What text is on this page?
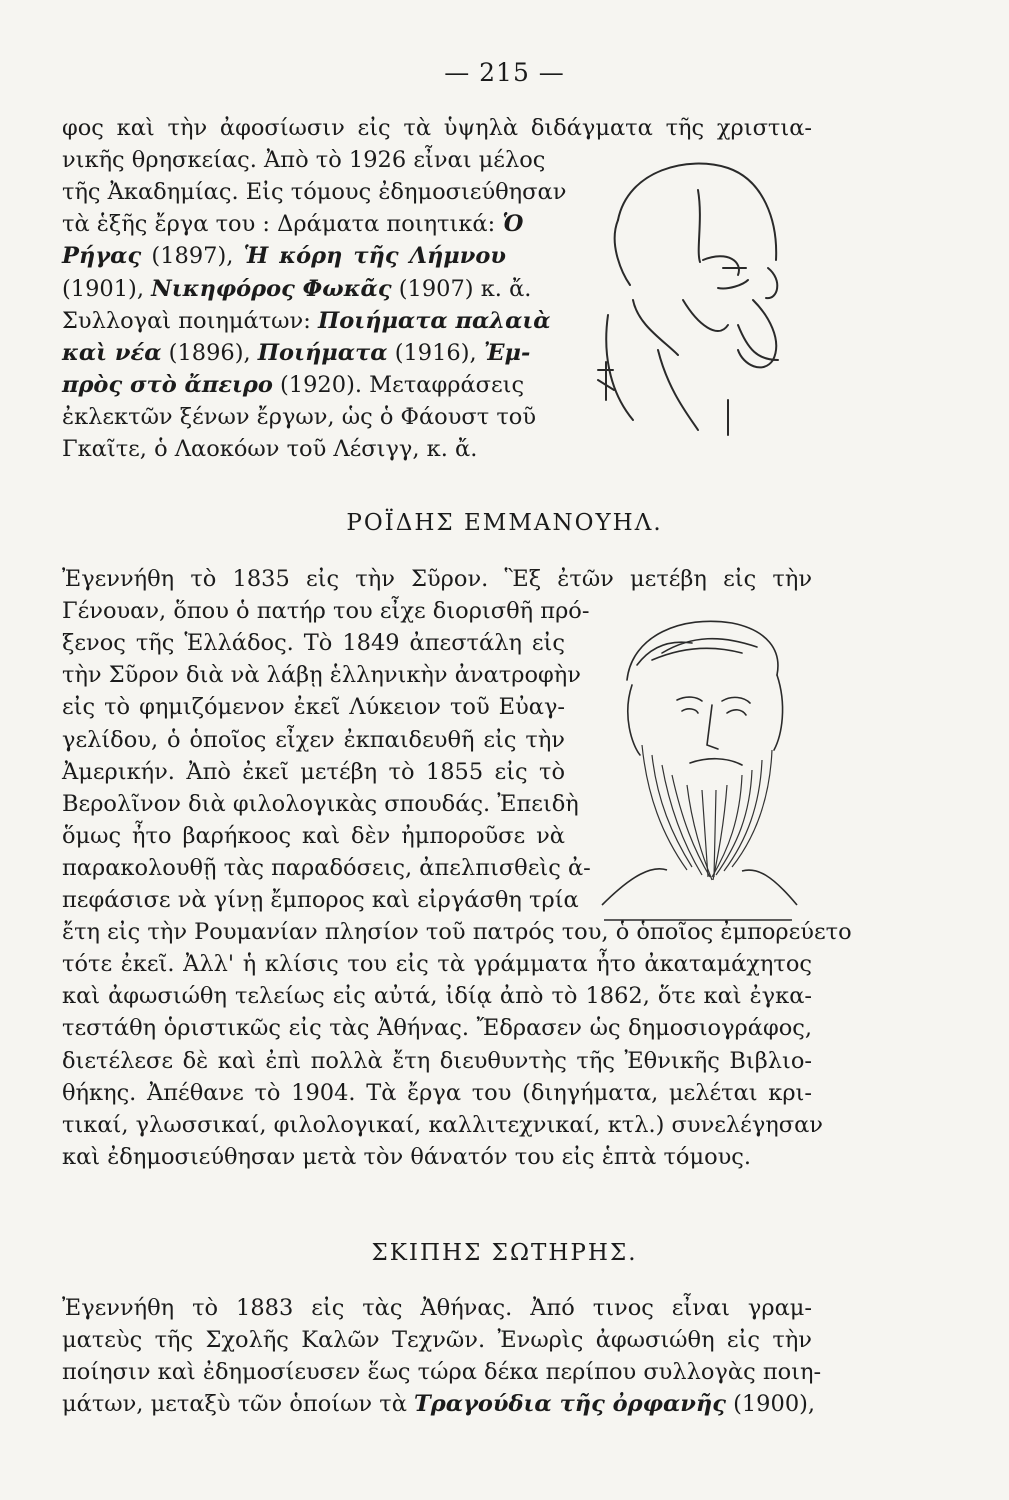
— 215 —
φος καὶ τὴν ἀφοσίωσιν εἰς τὰ ὑψηλὰ διδάγματα τῆς χριστια-
νικῆς θρησκείας. Ἀπὸ τὸ 1926 εἶναι μέλος
τῆς Ἀκαδημίας. Εἰς τόμους ἐδημοσιεύθησαν
τὰ ἑξῆς ἔργα του : Δράματα ποιητικά: Ὁ
Ρήγας (1897), Ἡ κόρη τῆς Λήμνου
(1901), Νικηφόρος Φωκᾶς (1907) κ. ἄ.
Συλλογαὶ ποιημάτων: Ποιήματα παλαιὰ
καὶ νέα (1896), Ποιήματα (1916), Ἐμ-
πρὸς στὸ ἄπειρο (1920). Μεταφράσεις
ἐκλεκτῶν ξένων ἔργων, ὡς ὁ Φάουστ τοῦ
Γκαῖτε, ὁ Λαοκόων τοῦ Λέσιγγ, κ. ἄ.
ΡΟΪΔΗΣ ΕΜΜΑΝΟΥΗΛ.
Ἐγεννήθη τὸ 1835 εἰς τὴν Σῦρον. Ἓξ ἐτῶν μετέβη εἰς τὴν
Γένουαν, ὅπου ὁ πατήρ του εἶχε διορισθῆ πρό-
ξενος τῆς Ἑλλάδος. Τὸ 1849 ἀπεστάλη εἰς
τὴν Σῦρον διὰ νὰ λάβῃ ἑλληνικὴν ἀνατροφὴν
εἰς τὸ φημιζόμενον ἐκεῖ Λύκειον τοῦ Εὐαγ-
γελίδου, ὁ ὁποῖος εἶχεν ἐκπαιδευθῆ εἰς τὴν
Ἀμερικήν. Ἀπὸ ἐκεῖ μετέβη τὸ 1855 εἰς τὸ
Βερολῖνον διὰ φιλολογικὰς σπουδάς. Ἐπειδὴ
ὅμως ἦτο βαρήκοος καὶ δὲν ἠμποροῦσε νὰ
παρακολουθῇ τὰς παραδόσεις, ἀπελπισθεὶς ἀ-
πεφάσισε νὰ γίνῃ ἔμπορος καὶ εἰργάσθη τρία
ἔτη εἰς τὴν Ρουμανίαν πλησίον τοῦ πατρός του, ὁ ὁποῖος ἐμπορεύετο
τότε ἐκεῖ. Ἀλλ' ἡ κλίσις του εἰς τὰ γράμματα ἦτο ἀκαταμάχητος
καὶ ἀφωσιώθη τελείως εἰς αὐτά, ἰδίᾳ ἀπὸ τὸ 1862, ὅτε καὶ ἐγκα-
τεστάθη ὁριστικῶς εἰς τὰς Ἀθήνας. Ἔδρασεν ὡς δημοσιογράφος,
διετέλεσε δὲ καὶ ἐπὶ πολλὰ ἔτη διευθυντὴς τῆς Ἐθνικῆς Βιβλιο-
θήκης. Ἀπέθανε τὸ 1904. Τὰ ἔργα του (διηγήματα, μελέται κρι-
τικαί, γλωσσικαί, φιλολογικαί, καλλιτεχνικαί, κτλ.) συνελέγησαν
καὶ ἐδημοσιεύθησαν μετὰ τὸν θάνατόν του εἰς ἑπτὰ τόμους.
ΣΚΙΠΗΣ ΣΩΤΗΡΗΣ.
Ἐγεννήθη τὸ 1883 εἰς τὰς Ἀθήνας. Ἀπό τινος εἶναι γραμ-
ματεὺς τῆς Σχολῆς Καλῶν Τεχνῶν. Ἐνωρὶς ἀφωσιώθη εἰς τὴν
ποίησιν καὶ ἐδημοσίευσεν ἕως τώρα δέκα περίπου συλλογὰς ποιη-
μάτων, μεταξὺ τῶν ὁποίων τὰ Τραγούδια τῆς ὀρφανῆς (1900),
